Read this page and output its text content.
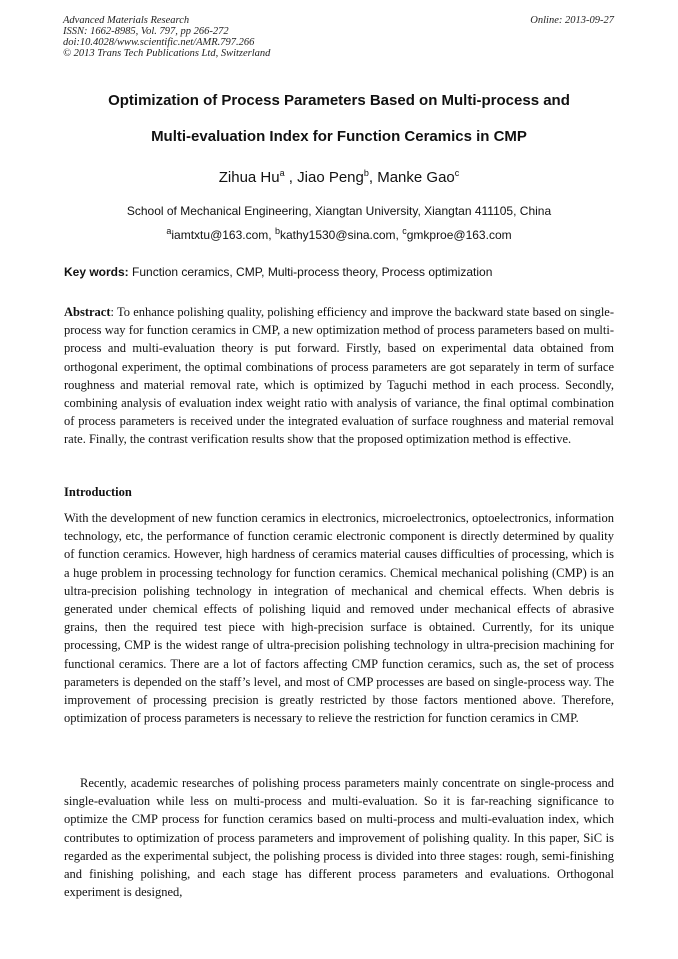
Advanced Materials Research
ISSN: 1662-8985, Vol. 797, pp 266-272
doi:10.4028/www.scientific.net/AMR.797.266
© 2013 Trans Tech Publications Ltd, Switzerland
Online: 2013-09-27
Optimization of Process Parameters Based on Multi-process and
Multi-evaluation Index for Function Ceramics in CMP
Zihua Hu$^a$ , Jiao Peng$^b$, Manke Gao$^c$
School of Mechanical Engineering, Xiangtan University, Xiangtan 411105, China
$^a$iamtxtu@163.com, $^b$kathy1530@sina.com, $^c$gmkproe@163.com
Key words: Function ceramics, CMP, Multi-process theory, Process optimization
Abstract: To enhance polishing quality, polishing efficiency and improve the backward state based on single-process way for function ceramics in CMP, a new optimization method of process parameters based on multi-process and multi-evaluation theory is put forward. Firstly, based on experimental data obtained from orthogonal experiment, the optimal combinations of process parameters are got separately in term of surface roughness and material removal rate, which is optimized by Taguchi method in each process. Secondly, combining analysis of evaluation index weight ratio with analysis of variance, the final optimal combination of process parameters is received under the integrated evaluation of surface roughness and material removal rate. Finally, the contrast verification results show that the proposed optimization method is effective.
Introduction
With the development of new function ceramics in electronics, microelectronics, optoelectronics, information technology, etc, the performance of function ceramic electronic component is directly determined by quality of function ceramics. However, high hardness of ceramics material causes difficulties of processing, which is a huge problem in processing technology for function ceramics. Chemical mechanical polishing (CMP) is an ultra-precision polishing technology in integration of mechanical and chemical effects. When debris is generated under chemical effects of polishing liquid and removed under mechanical effects of abrasive grains, then the required test piece with high-precision surface is obtained. Currently, for its unique processing, CMP is the widest range of ultra-precision polishing technology in ultra-precision machining for functional ceramics. There are a lot of factors affecting CMP function ceramics, such as, the set of process parameters is depended on the staff’s level, and most of CMP processes are based on single-process way. The improvement of processing precision is greatly restricted by those factors mentioned above. Therefore, optimization of process parameters is necessary to relieve the restriction for function ceramics in CMP.
Recently, academic researches of polishing process parameters mainly concentrate on single-process and single-evaluation while less on multi-process and multi-evaluation. So it is far-reaching significance to optimize the CMP process for function ceramics based on multi-process and multi-evaluation index, which contributes to optimization of process parameters and improvement of polishing quality. In this paper, SiC is regarded as the experimental subject, the polishing process is divided into three stages: rough, semi-finishing and finishing polishing, and each stage has different process parameters and evaluations. Orthogonal experiment is designed,
